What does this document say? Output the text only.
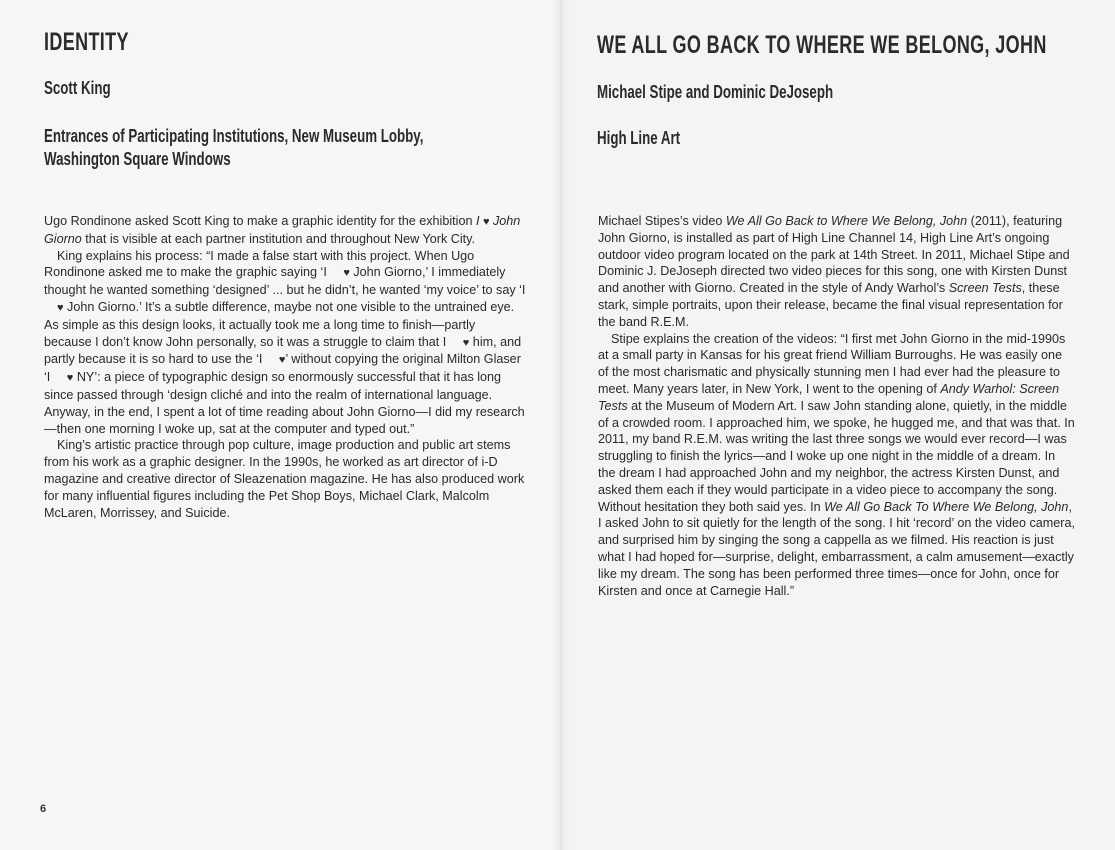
IDENTITY
Scott King
Entrances of Participating Institutions, New Museum Lobby,
Washington Square Windows

Ugo Rondinone asked Scott King to make a graphic identity for the exhibition I ♥ John Giorno that is visible at each partner institution and throughout New York City.

King explains his process: “I made a false start with this project. When Ugo Rondinone asked me to make the graphic saying ‘I ♥ John Giorno,’ I immediately thought he wanted something ‘designed’ ... but he didn’t, he wanted ‘my voice’ to say ‘I ♥ John Giorno.’ It’s a subtle difference, maybe not one visible to the untrained eye. As simple as this design looks, it actually took me a long time to finish—partly because I don’t know John personally, so it was a struggle to claim that I ♥ him, and partly because it is so hard to use the ‘I ♥’ without copying the original Milton Glaser ‘I ♥ NY’: a piece of typographic design so enormously successful that it has long since passed through ‘design cliché and into the realm of international language. Anyway, in the end, I spent a lot of time reading about John Giorno—I did my research—then one morning I woke up, sat at the computer and typed out.”

King’s artistic practice through pop culture, image production and public art stems from his work as a graphic designer. In the 1990s, he worked as art director of i-D magazine and creative director of Sleazenation magazine. He has also produced work for many influential figures including the Pet Shop Boys, Michael Clark, Malcolm McLaren, Morrissey, and Suicide.

6
WE ALL GO BACK TO WHERE WE BELONG, JOHN
Michael Stipe and Dominic DeJoseph
High Line Art

Michael Stipes’s video We All Go Back to Where We Belong, John (2011), featuring John Giorno, is installed as part of High Line Channel 14, High Line Art’s ongoing outdoor video program located on the park at 14th Street. In 2011, Michael Stipe and Dominic J. DeJoseph directed two video pieces for this song, one with Kirsten Dunst and another with Giorno. Created in the style of Andy Warhol’s Screen Tests, these stark, simple portraits, upon their release, became the final visual representation for the band R.E.M.

Stipe explains the creation of the videos: “I first met John Giorno in the mid-1990s at a small party in Kansas for his great friend William Burroughs. He was easily one of the most charismatic and physically stunning men I had ever had the pleasure to meet. Many years later, in New York, I went to the opening of Andy Warhol: Screen Tests at the Museum of Modern Art. I saw John standing alone, quietly, in the middle of a crowded room. I approached him, we spoke, he hugged me, and that was that. In 2011, my band R.E.M. was writing the last three songs we would ever record—I was struggling to finish the lyrics—and I woke up one night in the middle of a dream. In the dream I had approached John and my neighbor, the actress Kirsten Dunst, and asked them each if they would participate in a video piece to accompany the song. Without hesitation they both said yes. In We All Go Back To Where We Belong, John, I asked John to sit quietly for the length of the song. I hit ‘record’ on the video camera, and surprised him by singing the song a cappella as we filmed. His reaction is just what I had hoped for—surprise, delight, embarrassment, a calm amusement—exactly like my dream. The song has been performed three times—once for John, once for Kirsten and once at Carnegie Hall.”
